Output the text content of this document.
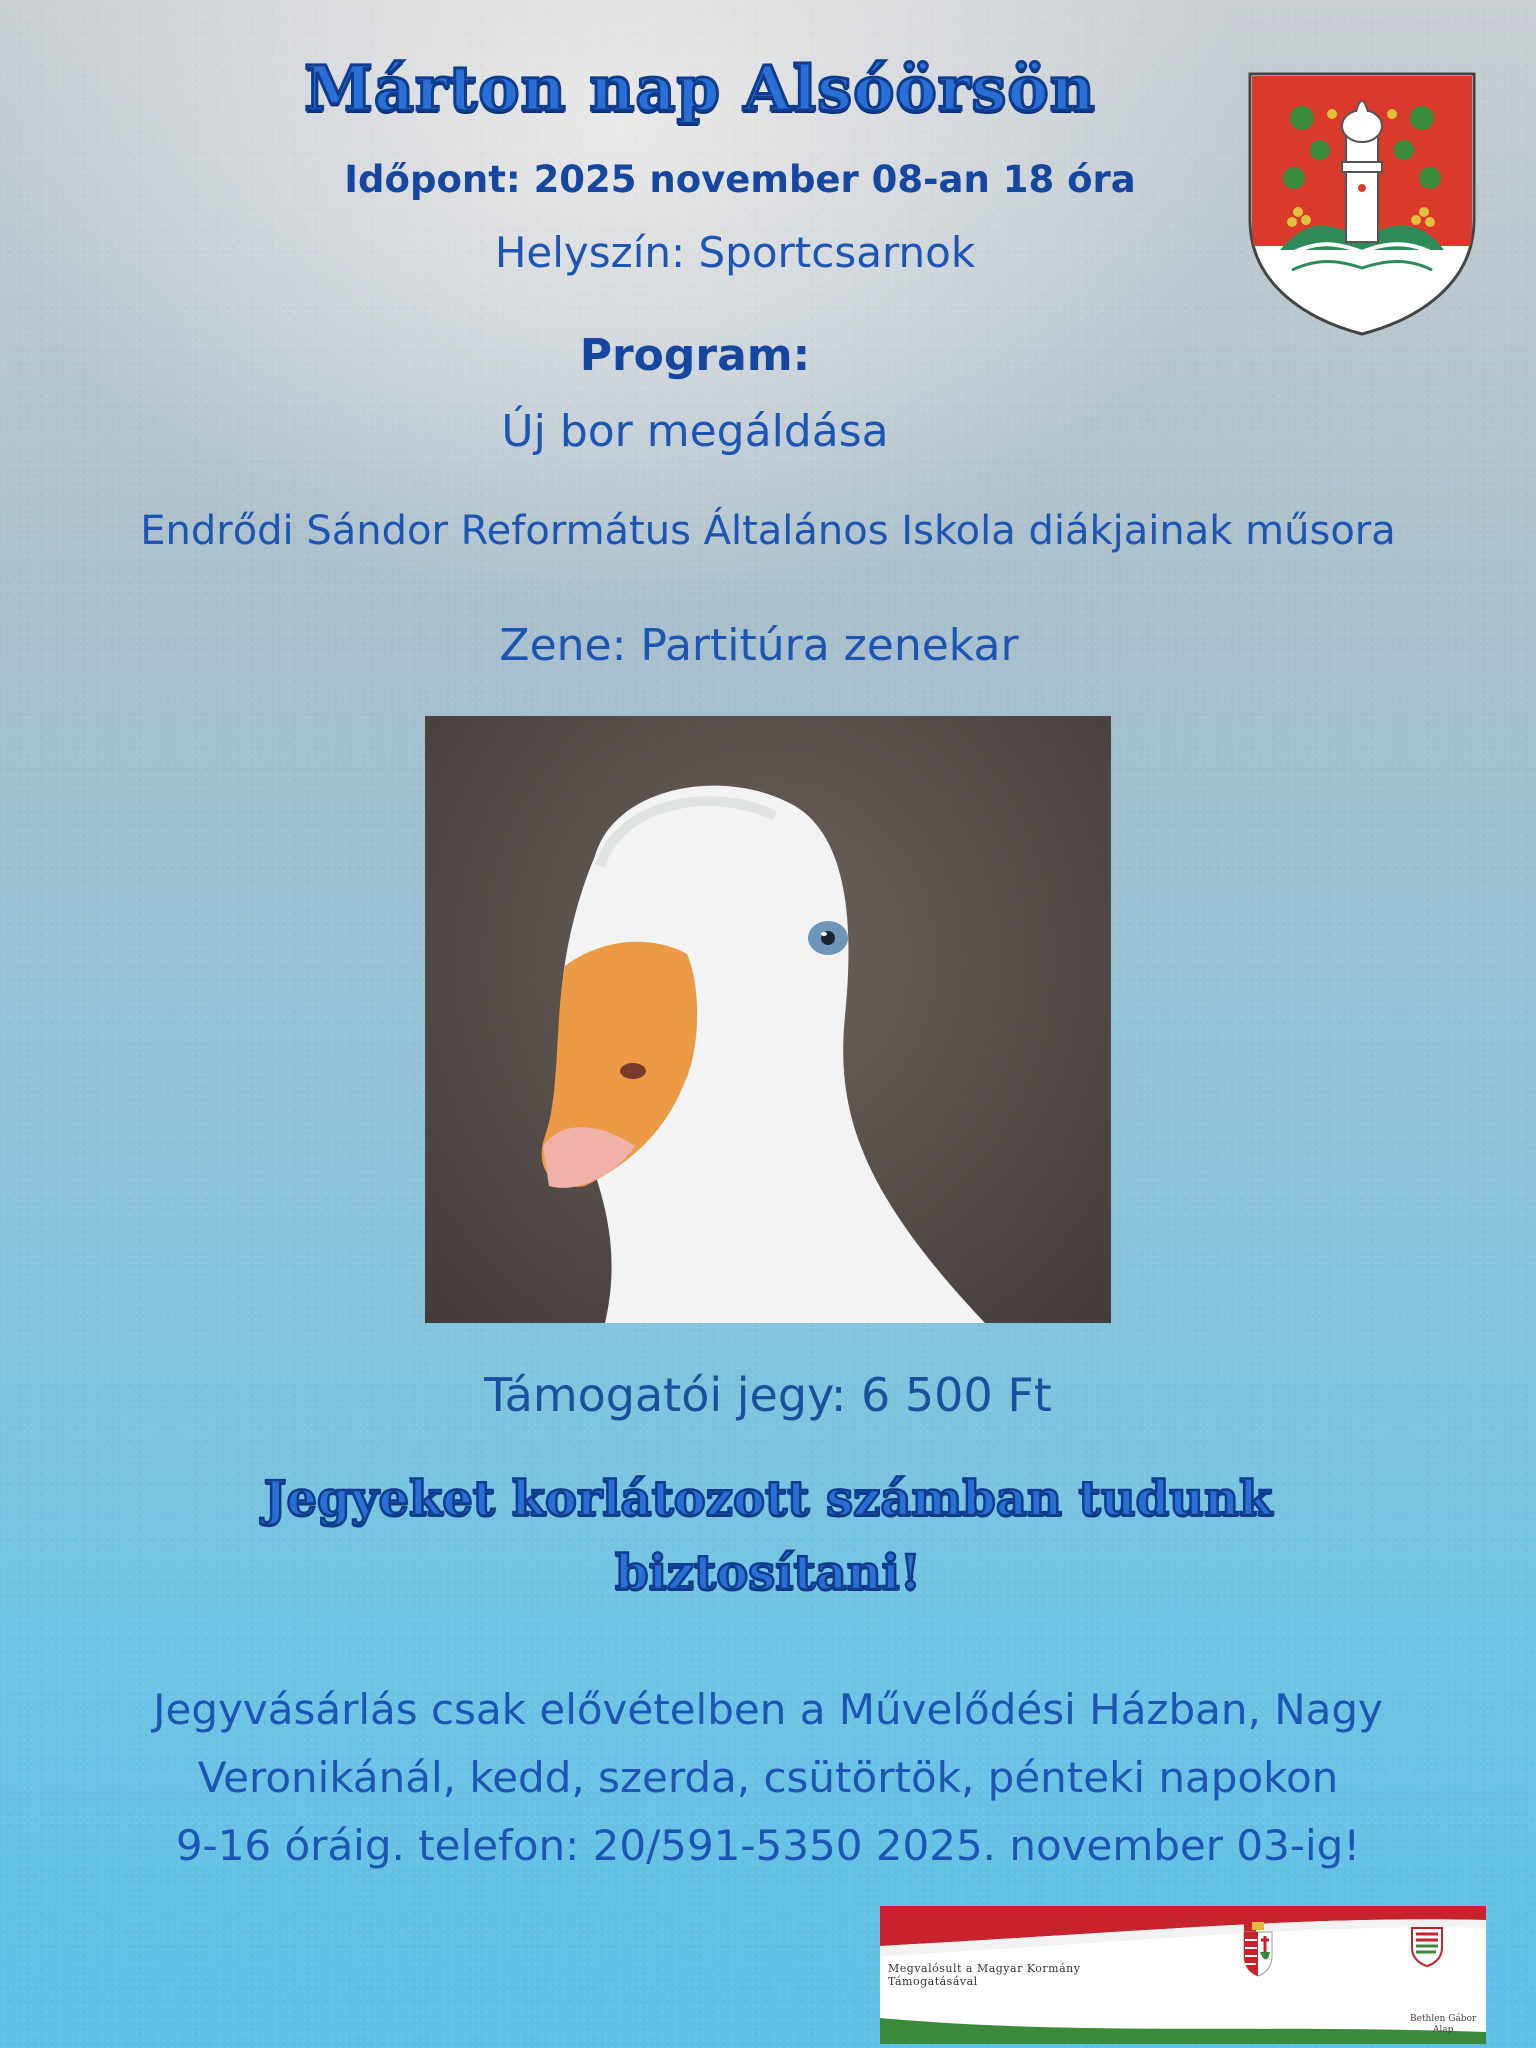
Márton nap Alsóörsön
Időpont: 2025 november 08-an 18 óra
Helyszín: Sportcsarnok
Program:
Új bor megáldása
Endrődi Sándor Református Általános Iskola diákjainak műsora
Zene: Partitúra zenekar
Támogatói jegy: 6 500 Ft
Jegyeket korlátozott számban tudunk
biztosítani!
Jegyvásárlás csak elővételben a Művelődési Házban, Nagy
Veronikánál, kedd, szerda, csütörtök, pénteki napokon
9-16 óráig. telefon: 20/591-5350 2025. november 03-ig!
Megvalósult a Magyar Kormány
Támogatásával
Bethlen Gábor
Alap
